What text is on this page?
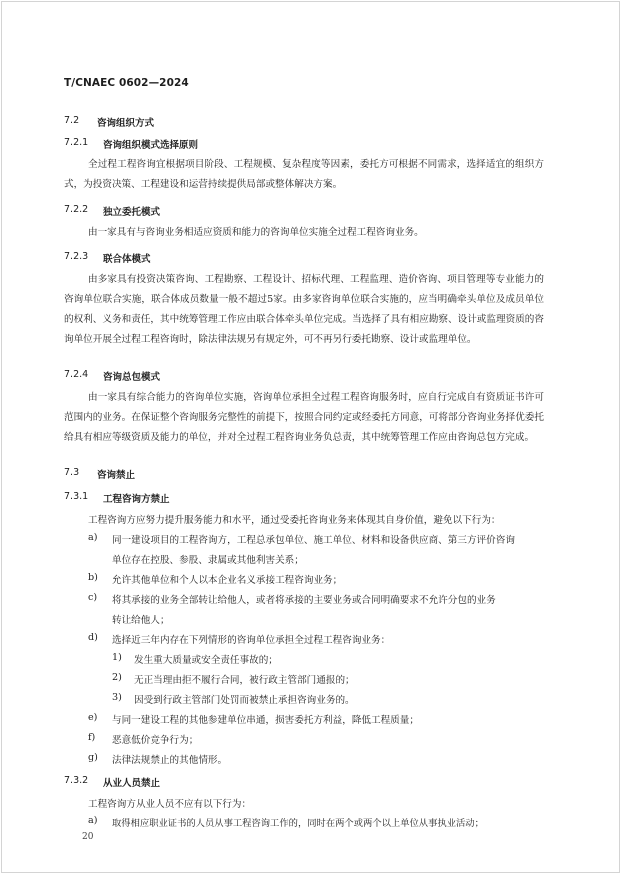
T/CNAEC 0602—2024
7.2 咨询组织方式
7.2.1 咨询组织模式选择原则
全过程工程咨询宜根据项目阶段、工程规模、复杂程度等因素，委托方可根据不同需求，选择适宜的组织方式，为投资决策、工程建设和运营持续提供局部或整体解决方案。
7.2.2 独立委托模式
由一家具有与咨询业务相适应资质和能力的咨询单位实施全过程工程咨询业务。
7.2.3 联合体模式
由多家具有投资决策咨询、工程勘察、工程设计、招标代理、工程监理、造价咨询、项目管理等专业能力的咨询单位联合实施，联合体成员数量一般不超过5家。由多家咨询单位联合实施的，应当明确牵头单位及成员单位的权利、义务和责任，其中统筹管理工作应由联合体牵头单位完成。当选择了具有相应勘察、设计或监理资质的咨询单位开展全过程工程咨询时，除法律法规另有规定外，可不再另行委托勘察、设计或监理单位。
7.2.4 咨询总包模式
由一家具有综合能力的咨询单位实施，咨询单位承担全过程工程咨询服务时，应自行完成自有资质证书许可范围内的业务。在保证整个咨询服务完整性的前提下，按照合同约定或经委托方同意，可将部分咨询业务择优委托给具有相应等级资质及能力的单位，并对全过程工程咨询业务负总责，其中统筹管理工作应由咨询总包方完成。
7.3 咨询禁止
7.3.1 工程咨询方禁止
工程咨询方应努力提升服务能力和水平，通过受委托咨询业务来体现其自身价值，避免以下行为：
a) 同一建设项目的工程咨询方，工程总承包单位、施工单位、材料和设备供应商、第三方评价咨询
单位存在控股、参股、隶属或其他利害关系；
b) 允许其他单位和个人以本企业名义承接工程咨询业务；
c) 将其承接的业务全部转让给他人，或者将承接的主要业务或合同明确要求不允许分包的业务
转让给他人；
d) 选择近三年内存在下列情形的咨询单位承担全过程工程咨询业务：
1) 发生重大质量或安全责任事故的；
2) 无正当理由拒不履行合同，被行政主管部门通报的；
3) 因受到行政主管部门处罚而被禁止承担咨询业务的。
e) 与同一建设工程的其他参建单位串通，损害委托方利益，降低工程质量；
f) 恶意低价竞争行为；
g) 法律法规禁止的其他情形。
7.3.2 从业人员禁止
工程咨询方从业人员不应有以下行为：
a) 取得相应职业证书的人员从事工程咨询工作的，同时在两个或两个以上单位从事执业活动；
20
